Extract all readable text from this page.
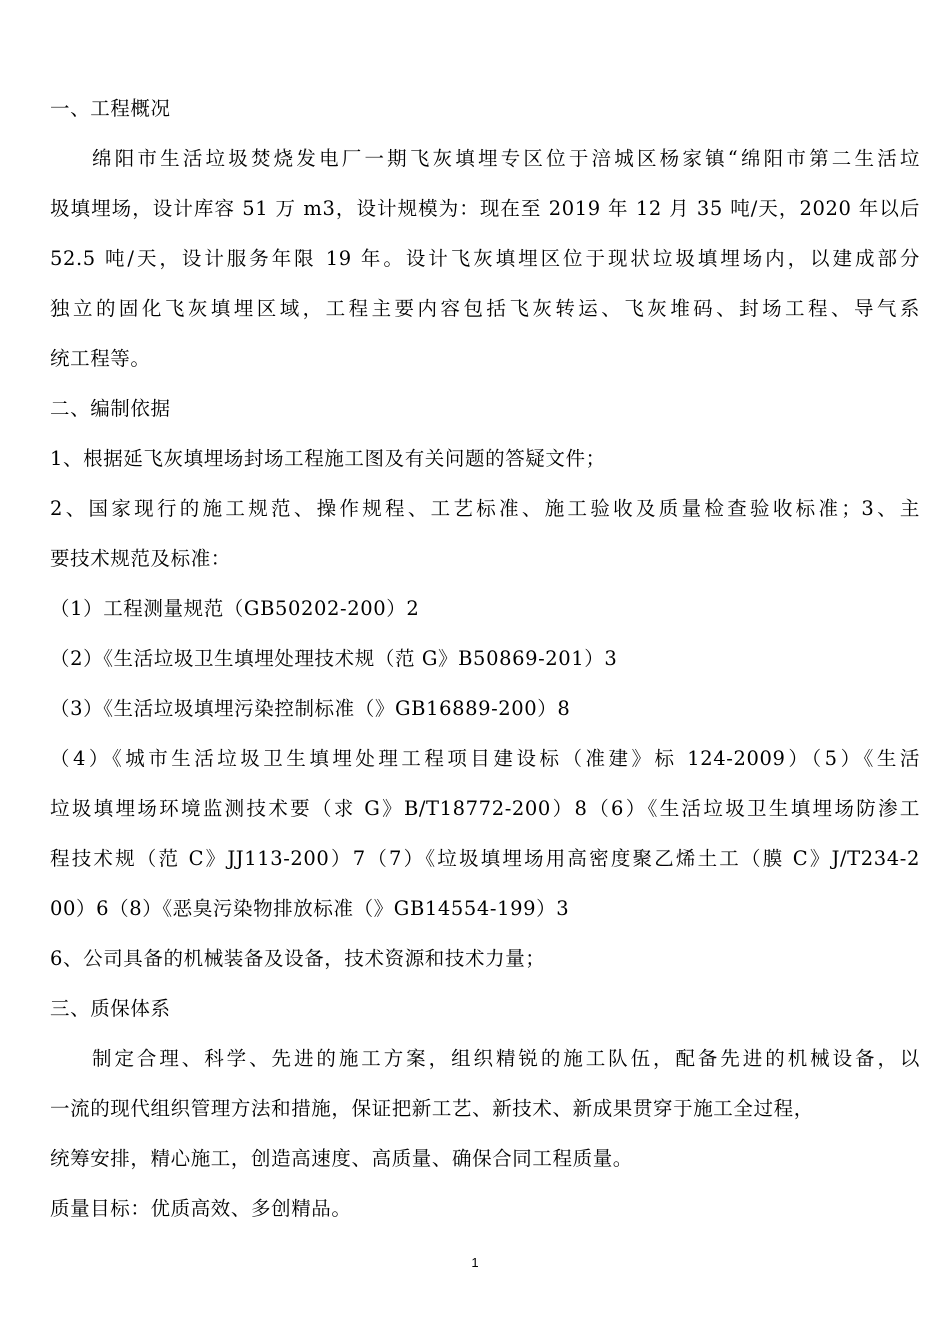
一、工程概况
绵阳市生活垃圾焚烧发电厂一期飞灰填埋专区位于涪城区杨家镇“绵阳市第二生活垃
圾填埋场，设计库容 51 万 m3，设计规模为：现在至 2019 年 12 月 35 吨/天，2020 年以后
52.5 吨/天，设计服务年限 19 年。设计飞灰填埋区位于现状垃圾填埋场内，以建成部分
独立的固化飞灰填埋区域，工程主要内容包括飞灰转运、飞灰堆码、封场工程、导气系
统工程等。
二、编制依据
1、根据延飞灰填埋场封场工程施工图及有关问题的答疑文件；
2、国家现行的施工规范、操作规程、工艺标准、施工验收及质量检查验收标准；3、主
要技术规范及标准：
（1）工程测量规范（GB50202-200）2
（2）《生活垃圾卫生填埋处理技术规（范 G》B50869-201）3
（3）《生活垃圾填埋污染控制标准（》GB16889-200）8
（4）《城市生活垃圾卫生填埋处理工程项目建设标（准建》标 124-2009）（5）《生活
垃圾填埋场环境监测技术要（求 G》B/T18772-200）8（6）《生活垃圾卫生填埋场防渗工
程技术规（范 C》JJ113-200）7（7）《垃圾填埋场用高密度聚乙烯土工（膜 C》J/T234-2
00）6（8）《恶臭污染物排放标准（》GB14554-199）3
6、公司具备的机械装备及设备，技术资源和技术力量；
三、质保体系
制定合理、科学、先进的施工方案，组织精锐的施工队伍，配备先进的机械设备，以
一流的现代组织管理方法和措施，保证把新工艺、新技术、新成果贯穿于施工全过程，
统筹安排，精心施工，创造高速度、高质量、确保合同工程质量。
质量目标：优质高效、多创精品。
1
